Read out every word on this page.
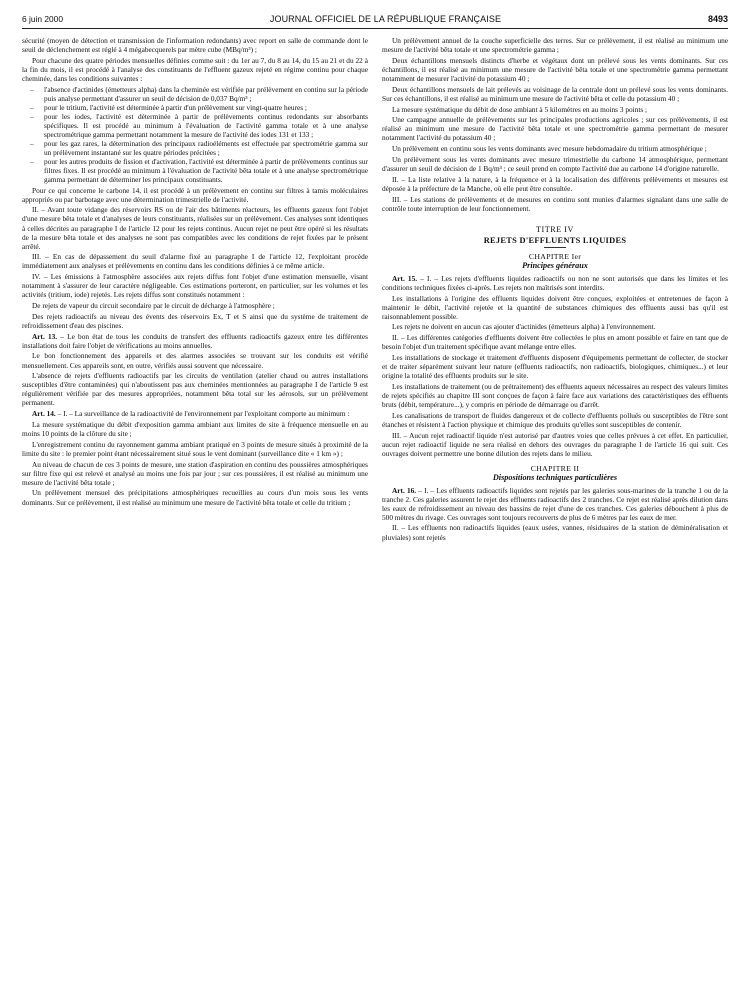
6 juin 2000	JOURNAL OFFICIEL DE LA RÉPUBLIQUE FRANÇAISE	8493

sécurité (moyen de détection et transmission de l'information redondants) avec report en salle de commande dont le seuil de déclenchement est réglé à 4 mégabecquerels par mètre cube (MBq/m³) ;

Pour chacune des quatre périodes mensuelles définies comme suit : du 1er au 7, du 8 au 14, du 15 au 21 et du 22 à la fin du mois, il est procédé à l'analyse des constituants de l'effluent gazeux rejeté en régime continu pour chaque cheminée, dans les conditions suivantes :

– l'absence d'actinides (émetteurs alpha) dans la cheminée est vérifiée par prélèvement en continu sur la période puis analyse permettant d'assurer un seuil de décision de 0,037 Bq/m³ ;
– pour le tritium, l'activité est déterminée à partir d'un prélèvement sur vingt-quatre heures ;
– pour les iodes, l'activité est déterminée à partir de prélèvements continus redondants sur absorbants spécifiques. Il est procédé au minimum à l'évaluation de l'activité gamma totale et à une analyse spectrométrique gamma permettant notamment la mesure de l'activité des iodes 131 et 133 ;
– pour les gaz rares, la détermination des principaux radioéléments est effectuée par spectrométrie gamma sur un prélèvement instantané sur les quatre périodes précitées ;
– pour les autres produits de fission et d'activation, l'activité est déterminée à partir de prélèvements continus sur filtres fixes. Il est procédé au minimum à l'évaluation de l'activité bêta totale et à une analyse spectrométrique gamma permettant de déterminer les principaux constituants.

Pour ce qui concerne le carbone 14, il est procédé à un prélèvement en continu sur filtres à tamis moléculaires appropriés ou par barbotage avec une détermination trimestrielle de l'activité.

II. – Avant toute vidange des réservoirs RS ou de l'air des bâtiments réacteurs, les effluents gazeux font l'objet d'une mesure bêta totale et d'analyses de leurs constituants, réalisées sur un prélèvement. Ces analyses sont identiques à celles décrites au paragraphe I de l'article 12 pour les rejets continus. Aucun rejet ne peut être opéré si les résultats de la mesure bêta totale et des analyses ne sont pas compatibles avec les conditions de rejet fixées par le présent arrêté.

III. – En cas de dépassement du seuil d'alarme fixé au paragraphe I de l'article 12, l'exploitant procède immédiatement aux analyses et prélèvements en continu dans les conditions définies à ce même article.

IV. – Les émissions à l'atmosphère associées aux rejets diffus font l'objet d'une estimation mensuelle, visant notamment à s'assurer de leur caractère négligeable. Ces estimations porteront, en particulier, sur les volumes et les activités (tritium, iode) rejetés. Les rejets diffus sont constitués notamment :

De rejets de vapeur du circuit secondaire par le circuit de décharge à l'atmosphère ;

Des rejets radioactifs au niveau des évents des réservoirs Ex, T et S ainsi que du système de traitement de refroidissement d'eau des piscines.

Art. 13. – Le bon état de tous les conduits de transfert des effluents radioactifs gazeux entre les différentes installations doit faire l'objet de vérifications au moins annuelles.

Le bon fonctionnement des appareils et des alarmes associées se trouvant sur les conduits est vérifié mensuellement. Ces appareils sont, en outre, vérifiés aussi souvent que nécessaire.

L'absence de rejets d'effluents radioactifs par les circuits de ventilation (atelier chaud ou autres installations susceptibles d'être contaminées) qui n'aboutissent pas aux cheminées mentionnées au paragraphe I de l'article 9 est régulièrement vérifiée par des mesures appropriées, notamment bêta total sur les aérosols, sur un prélèvement permanent.

Art. 14. – I. – La surveillance de la radioactivité de l'environnement par l'exploitant comporte au minimum :

La mesure systématique du débit d'exposition gamma ambiant aux limites de site à fréquence mensuelle en au moins 10 points de la clôture du site ;

L'enregistrement continu du rayonnement gamma ambiant pratiqué en 3 points de mesure situés à proximité de la limite du site : le premier point étant nécessairement situé sous le vent dominant (surveillance dite « 1 km ») ;

Au niveau de chacun de ces 3 points de mesure, une station d'aspiration en continu des poussières atmosphériques sur filtre fixe qui est relevé et analysé au moins une fois par jour ; sur ces poussières, il est réalisé au minimum une mesure de l'activité bêta totale ;

Un prélèvement mensuel des précipitations atmosphériques recueillies au cours d'un mois sous les vents dominants. Sur ce prélèvement, il est réalisé au minimum une mesure de l'activité bêta totale et celle du tritium ;

Un prélèvement annuel de la couche superficielle des terres. Sur ce prélèvement, il est réalisé au minimum une mesure de l'activité bêta totale et une spectrométrie gamma ;

Deux échantillons mensuels distincts d'herbe et végétaux dont un prélevé sous les vents dominants. Sur ces échantillons, il est réalisé au minimum une mesure de l'activité bêta totale et une spectrométrie gamma permettant notamment de mesurer l'activité du potassium 40 ;

Deux échantillons mensuels de lait prélevés au voisinage de la centrale dont un prélevé sous les vents dominants. Sur ces échantillons, il est réalisé au minimum une mesure de l'activité bêta et celle du potassium 40 ;

La mesure systématique du débit de dose ambiant à 5 kilomètres en au moins 3 points ;

Une campagne annuelle de prélèvements sur les principales productions agricoles ; sur ces prélèvements, il est réalisé au minimum une mesure de l'activité bêta totale et une spectrométrie gamma permettant de mesurer notamment l'activité du potassium 40 ;

Un prélèvement en continu sous les vents dominants avec mesure hebdomadaire du tritium atmosphérique ;

Un prélèvement sous les vents dominants avec mesure trimestrielle du carbone 14 atmosphérique, permettant d'assurer un seuil de décision de 1 Bq/m³ ; ce seuil prend en compte l'activité due au carbone 14 d'origine naturelle.

II. – La liste relative à la nature, à la fréquence et à la localisation des différents prélèvements et mesures est déposée à la préfecture de la Manche, où elle peut être consultée.

III. – Les stations de prélèvements et de mesures en continu sont munies d'alarmes signalant dans une salle de contrôle toute interruption de leur fonctionnement.

TITRE IV
REJETS D'EFFLUENTS LIQUIDES
CHAPITRE Ier
Principes généraux

Art. 15. – I. – Les rejets d'effluents liquides radioactifs ou non ne sont autorisés que dans les limites et les conditions techniques fixées ci-après. Les rejets non maîtrisés sont interdits.

Les installations à l'origine des effluents liquides doivent être conçues, exploitées et entretenues de façon à maintenir le débit, l'activité rejetée et la quantité de substances chimiques des effluents aussi bas qu'il est raisonnablement possible.

Les rejets ne doivent en aucun cas ajouter d'actinides (émetteurs alpha) à l'environnement.

II. – Les différentes catégories d'effluents doivent être collectées le plus en amont possible et faire en tant que de besoin l'objet d'un traitement spécifique avant mélange entre elles.

Les installations de stockage et traitement d'effluents disposent d'équipements permettant de collecter, de stocker et de traiter séparément suivant leur nature (effluents radioactifs, non radioactifs, biologiques, chimiques...) et leur origine la totalité des effluents produits sur le site.

Les installations de traitement (ou de prétraitement) des effluents aqueux nécessaires au respect des valeurs limites de rejets spécifiés au chapitre III sont conçues de façon à faire face aux variations des caractéristiques des effluents bruts (débit, température...), y compris en période de démarrage ou d'arrêt.

Les canalisations de transport de fluides dangereux et de collecte d'effluents pollués ou susceptibles de l'être sont étanches et résistent à l'action physique et chimique des produits qu'elles sont susceptibles de contenir.

III. – Aucun rejet radioactif liquide n'est autorisé par d'autres voies que celles prévues à cet effet. En particulier, aucun rejet radioactif liquide ne sera réalisé en dehors des ouvrages du paragraphe I de l'article 16 qui suit. Ces ouvrages doivent permettre une bonne dilution des rejets dans le milieu.

CHAPITRE II
Dispositions techniques particulières

Art. 16. – I. – Les effluents radioactifs liquides sont rejetés par les galeries sous-marines de la tranche 1 ou de la tranche 2. Ces galeries assurent le rejet des effluents radioactifs des 2 tranches. Ce rejet est réalisé après dilution dans les eaux de refroidissement au niveau des bassins de rejet d'une de ces tranches. Ces galeries débouchent à plus de 500 mètres du rivage. Ces ouvrages sont toujours recouverts de plus de 6 mètres par les eaux de mer.

II. – Les effluents non radioactifs liquides (eaux usées, vannes, résiduaires de la station de déminéralisation et pluviales) sont rejetés
